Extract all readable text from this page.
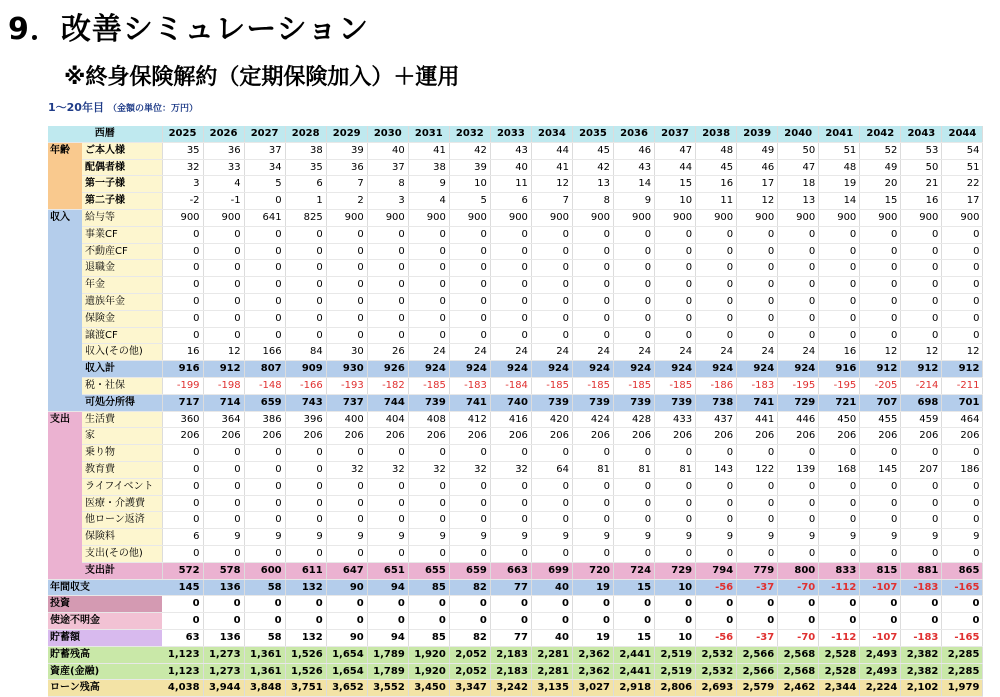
9．改善シミュレーション
※終身保険解約（定期保険加入）＋運用
1～20年目 （金額の単位：万円）
西暦		2025	2026	2027	2028	2029	2030	2031	2032	2033	2034	2035	2036	2037	2038	2039	2040	2041	2042	2043	2044
年齢	ご本人様	35	36	37	38	39	40	41	42	43	44	45	46	47	48	49	50	51	52	53	54
	配偶者様	32	33	34	35	36	37	38	39	40	41	42	43	44	45	46	47	48	49	50	51
	第一子様	3	4	5	6	7	8	9	10	11	12	13	14	15	16	17	18	19	20	21	22
	第二子様	-2	-1	0	1	2	3	4	5	6	7	8	9	10	11	12	13	14	15	16	17
収入	給与等	900	900	641	825	900	900	900	900	900	900	900	900	900	900	900	900	900	900	900	900
	事業CF	0	0	0	0	0	0	0	0	0	0	0	0	0	0	0	0	0	0	0	0
	不動産CF	0	0	0	0	0	0	0	0	0	0	0	0	0	0	0	0	0	0	0	0
	退職金	0	0	0	0	0	0	0	0	0	0	0	0	0	0	0	0	0	0	0	0
	年金	0	0	0	0	0	0	0	0	0	0	0	0	0	0	0	0	0	0	0	0
	遺族年金	0	0	0	0	0	0	0	0	0	0	0	0	0	0	0	0	0	0	0	0
	保険金	0	0	0	0	0	0	0	0	0	0	0	0	0	0	0	0	0	0	0	0
	譲渡CF	0	0	0	0	0	0	0	0	0	0	0	0	0	0	0	0	0	0	0	0
	収入(その他)	16	12	166	84	30	26	24	24	24	24	24	24	24	24	24	24	16	12	12	12
	収入計	916	912	807	909	930	926	924	924	924	924	924	924	924	924	924	924	916	912	912	912
	税・社保	-199	-198	-148	-166	-193	-182	-185	-183	-184	-185	-185	-185	-185	-186	-183	-195	-195	-205	-214	-211
	可処分所得	717	714	659	743	737	744	739	741	740	739	739	739	739	738	741	729	721	707	698	701
支出	生活費	360	364	386	396	400	404	408	412	416	420	424	428	433	437	441	446	450	455	459	464
	家	206	206	206	206	206	206	206	206	206	206	206	206	206	206	206	206	206	206	206	206
	乗り物	0	0	0	0	0	0	0	0	0	0	0	0	0	0	0	0	0	0	0	0
	教育費	0	0	0	0	32	32	32	32	32	64	81	81	81	143	122	139	168	145	207	186
	ライフイベント	0	0	0	0	0	0	0	0	0	0	0	0	0	0	0	0	0	0	0	0
	医療・介護費	0	0	0	0	0	0	0	0	0	0	0	0	0	0	0	0	0	0	0	0
	他ローン返済	0	0	0	0	0	0	0	0	0	0	0	0	0	0	0	0	0	0	0	0
	保険料	6	9	9	9	9	9	9	9	9	9	9	9	9	9	9	9	9	9	9	9
	支出(その他)	0	0	0	0	0	0	0	0	0	0	0	0	0	0	0	0	0	0	0	0
	支出計	572	578	600	611	647	651	655	659	663	699	720	724	729	794	779	800	833	815	881	865
年間収支		145	136	58	132	90	94	85	82	77	40	19	15	10	-56	-37	-70	-112	-107	-183	-165
投資		0	0	0	0	0	0	0	0	0	0	0	0	0	0	0	0	0	0	0	0
使途不明金		0	0	0	0	0	0	0	0	0	0	0	0	0	0	0	0	0	0	0	0
貯蓄額		63	136	58	132	90	94	85	82	77	40	19	15	10	-56	-37	-70	-112	-107	-183	-165
貯蓄残高		1,123	1,273	1,361	1,526	1,654	1,789	1,920	2,052	2,183	2,281	2,362	2,441	2,519	2,532	2,566	2,568	2,528	2,493	2,382	2,285
資産(金融)		1,123	1,273	1,361	1,526	1,654	1,789	1,920	2,052	2,183	2,281	2,362	2,441	2,519	2,532	2,566	2,568	2,528	2,493	2,382	2,285
ローン残高		4,038	3,944	3,848	3,751	3,652	3,552	3,450	3,347	3,242	3,135	3,027	2,918	2,806	2,693	2,579	2,462	2,344	2,224	2,102	1,979
